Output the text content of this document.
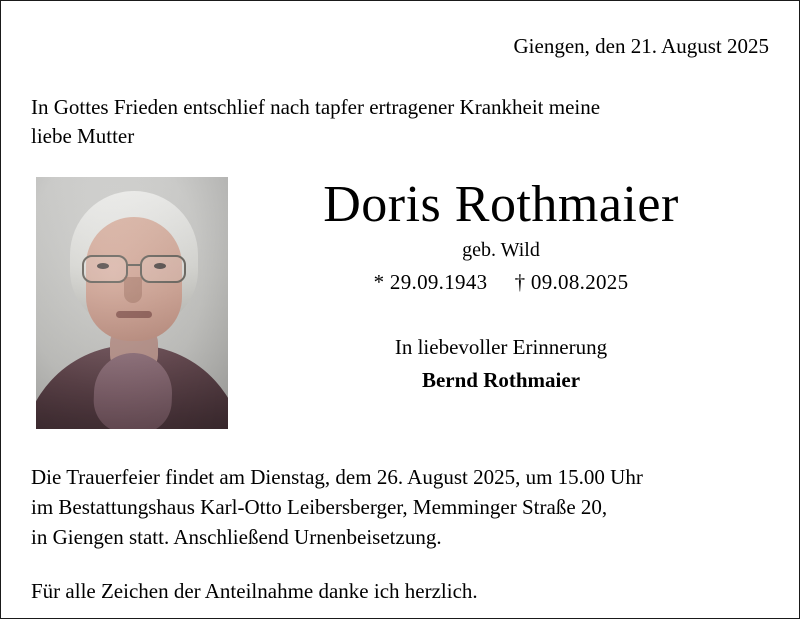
Giengen, den 21. August 2025
In Gottes Frieden entschlief nach tapfer ertragener Krankheit meine
liebe Mutter
Doris Rothmaier
geb. Wild
* 29.09.1943 † 09.08.2025
In liebevoller Erinnerung
Bernd Rothmaier
Die Trauerfeier findet am Dienstag, dem 26. August 2025, um 15.00 Uhr
im Bestattungshaus Karl-Otto Leibersberger, Memminger Straße 20,
in Giengen statt. Anschließend Urnenbeisetzung.
Für alle Zeichen der Anteilnahme danke ich herzlich.
